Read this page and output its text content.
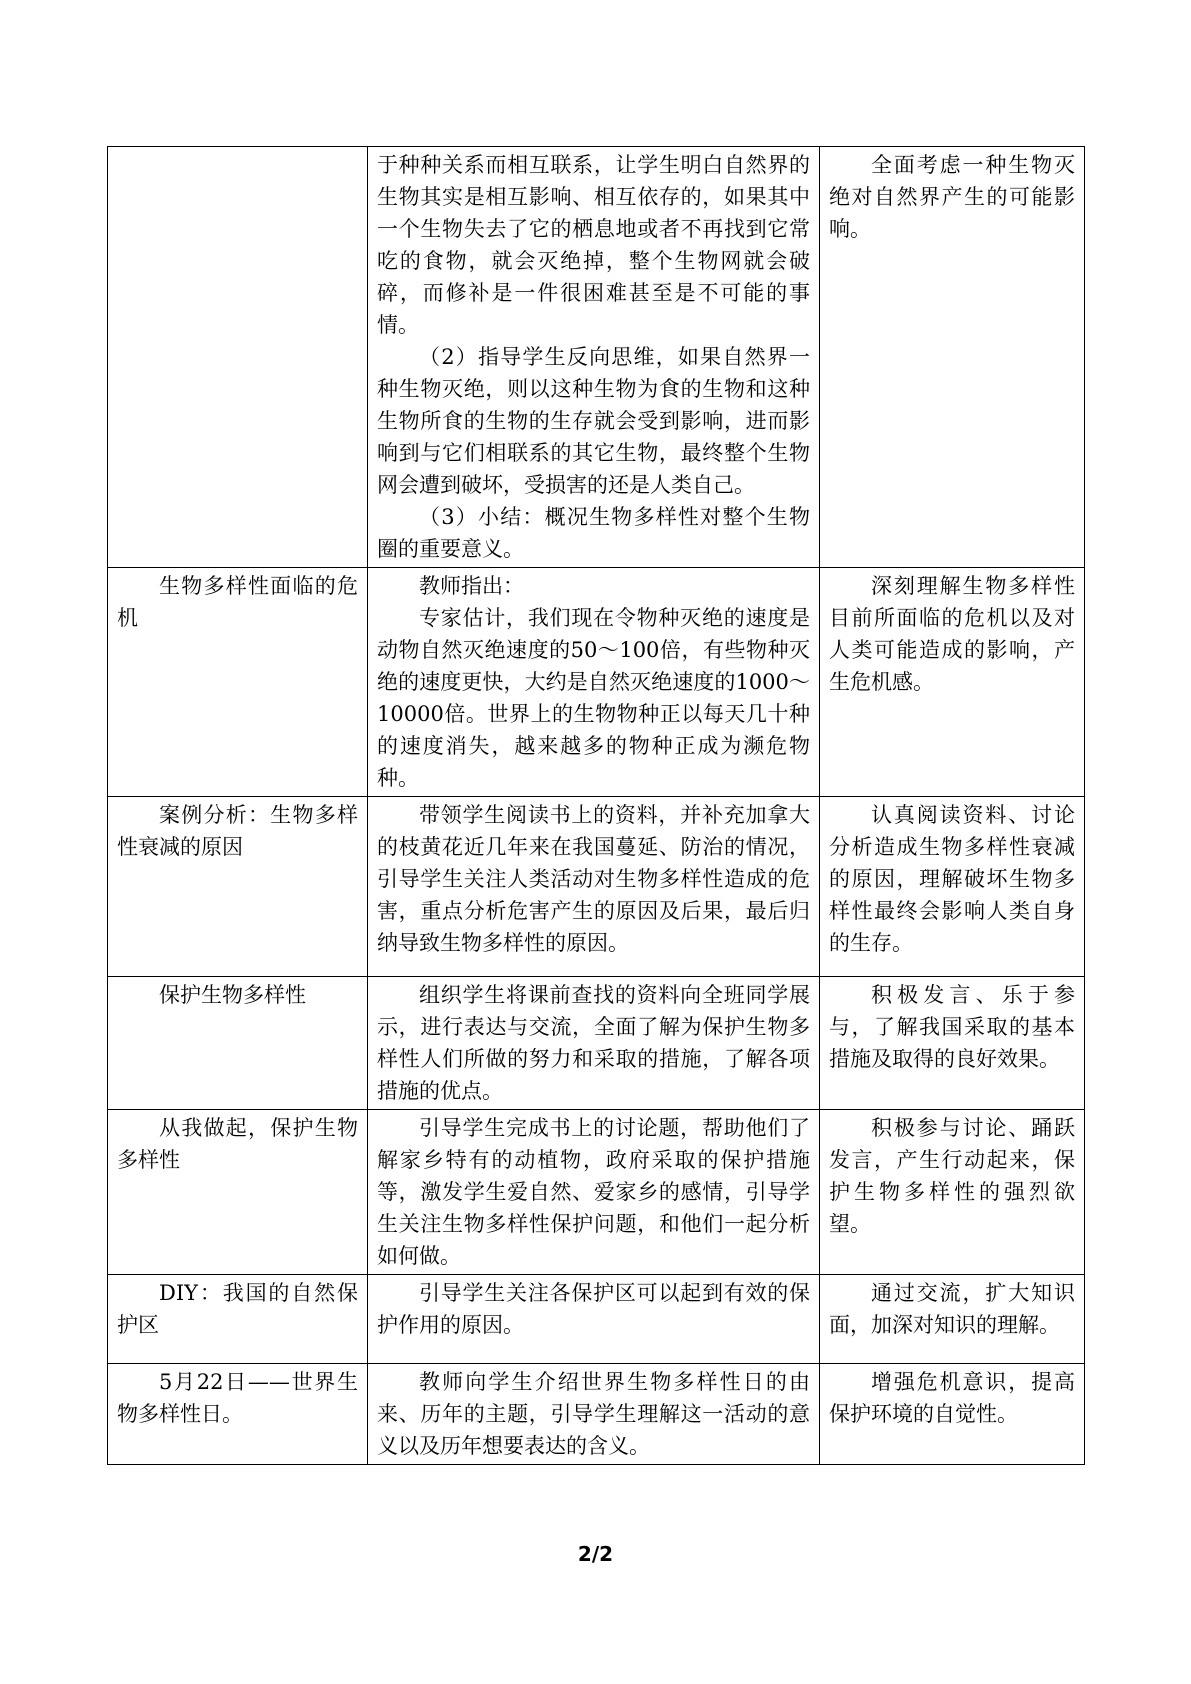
	于种种关系而相互联系，让学生明白自然界的生物其实是相互影响、相互依存的，如果其中一个生物失去了它的栖息地或者不再找到它常吃的食物，就会灭绝掉，整个生物网就会破碎，而修补是一件很困难甚至是不可能的事情。

（2）指导学生反向思维，如果自然界一种生物灭绝，则以这种生物为食的生物和这种生物所食的生物的生存就会受到影响，进而影响到与它们相联系的其它生物，最终整个生物网会遭到破坏，受损害的还是人类自己。

（3）小结：概况生物多样性对整个生物圈的重要意义。	全面考虑一种生物灭绝对自然界产生的可能影响。

生物多样性面临的危机	教师指出：

专家估计，我们现在令物种灭绝的速度是动物自然灭绝速度的50～100倍，有些物种灭绝的速度更快，大约是自然灭绝速度的1000～10000倍。世界上的生物物种正以每天几十种的速度消失，越来越多的物种正成为濒危物种。	深刻理解生物多样性目前所面临的危机以及对人类可能造成的影响，产生危机感。

案例分析：生物多样性衰减的原因	带领学生阅读书上的资料，并补充加拿大的枝黄花近几年来在我国蔓延、防治的情况，引导学生关注人类活动对生物多样性造成的危害，重点分析危害产生的原因及后果，最后归纳导致生物多样性的原因。	认真阅读资料、讨论分析造成生物多样性衰减的原因，理解破坏生物多样性最终会影响人类自身的生存。

保护生物多样性	组织学生将课前查找的资料向全班同学展示，进行表达与交流，全面了解为保护生物多样性人们所做的努力和采取的措施，了解各项措施的优点。	积极发言、乐于参与，了解我国采取的基本措施及取得的良好效果。

从我做起，保护生物多样性	引导学生完成书上的讨论题，帮助他们了解家乡特有的动植物，政府采取的保护措施等，激发学生爱自然、爱家乡的感情，引导学生关注生物多样性保护问题，和他们一起分析如何做。	积极参与讨论、踊跃发言，产生行动起来，保护生物多样性的强烈欲望。

DIY：我国的自然保护区	引导学生关注各保护区可以起到有效的保护作用的原因。	通过交流，扩大知识面，加深对知识的理解。

5月22日——世界生物多样性日。	教师向学生介绍世界生物多样性日的由来、历年的主题，引导学生理解这一活动的意义以及历年想要表达的含义。	增强危机意识，提高保护环境的自觉性。

2/2
